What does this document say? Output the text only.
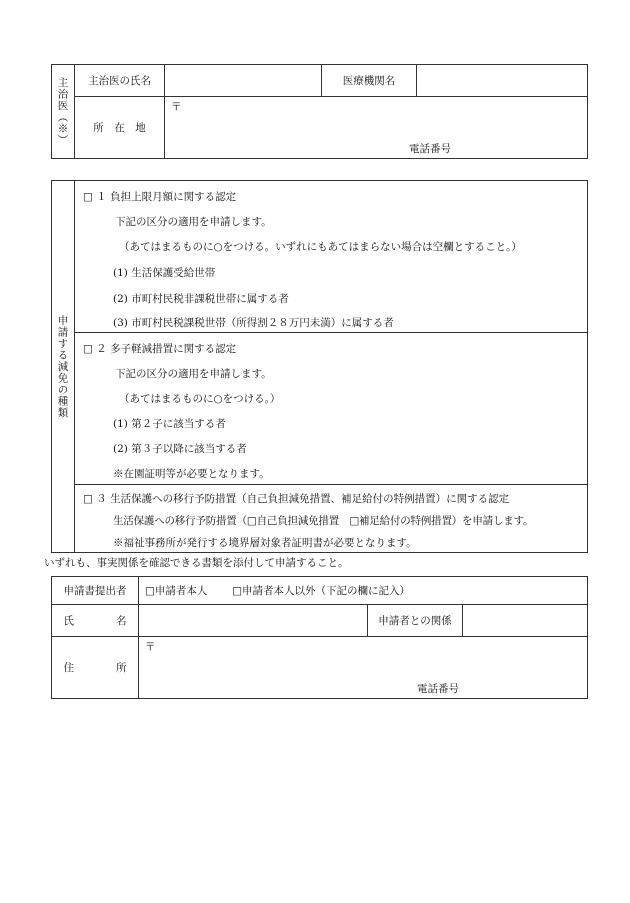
主治医（※）	主治医の氏名		医療機関名	
	所　在　地	〒
電話番号		
申請する減免の種類

□ １ 負担上限月額に関する認定
下記の区分の適用を申請します。
（あてはまるものに○をつける。いずれにもあてはまらない場合は空欄とすること。）
(1) 生活保護受給世帯
(2) 市町村民税非課税世帯に属する者
(3) 市町村民税課税世帯（所得割２８万円未満）に属する者

□ ２ 多子軽減措置に関する認定
下記の区分の適用を申請します。
（あてはまるものに○をつける。）
(1) 第２子に該当する者
(2) 第３子以降に該当する者
※在園証明等が必要となります。

□ ３ 生活保護への移行予防措置（自己負担減免措置、補足給付の特例措置）に関する認定
生活保護への移行予防措置（□自己負担減免措置　□補足給付の特例措置）を申請します。
※福祉事務所が発行する境界層対象者証明書が必要となります。
いずれも、事実関係を確認できる書類を添付して申請すること。
申請書提出者	□申請者本人 □申請者本人以外（下記の欄に記入）		
氏　　　　名		申請者との関係	
住　　　　所	〒
電話番号		
